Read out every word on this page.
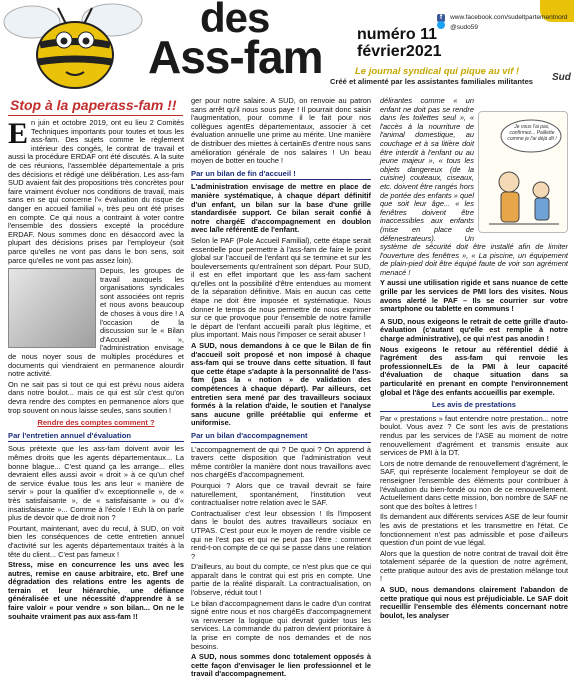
des
Ass-fam numéro 11
février2021
f www.facebook.com/sudeltpartementnord
@sudo59
Le journal syndical qui pique au vif !
Créé et alimenté par les assistantes familiales militantes Sud
Stop à la paperass-fam !!

En juin et octobre 2019, ont eu lieu 2 Comités Techniques importants pour toutes et tous les ass-fam. Des sujets comme le règlement intérieur des congés, le contrat de travail et aussi la procédure ERDAF ont été discutés. A la suite de ces réunions, l'assemblée départementale a pris des décisions et rédigé une délibération. Les ass-fam SUD avaient fait des propositions très concrètes pour faire vraiment évoluer nos conditions de travail, mais sans en se qui concerne l'« évaluation du risque de danger en accueil familial », très peu ont été prises en compte. Ce qui nous a contraint à voter contre l'ensemble des dossiers excepté la procédure ERDAF. Nous sommes donc en désaccord avec la plupart des décisions prises par l'employeur (soit parce qu'elles ne vont pas dans le bon sens, soit parce qu'elles ne vont pas assez loin).

Depuis, les groupes de travail auxquels les organisations syndicales sont associées ont repris et nous avons beaucoup de choses à vous dire ! A l'occasion de la discussion sur le « Bilan d'Accueil », l'administration envisage de nous noyer sous de multiples procédures et documents qui viendraient en permanence alourdir notre activité.

On ne sait pas si tout ce qui est prévu nous aidera dans notre boulot... mais ce qui est sûr c'est qu'on devra rendre des comptes en permanence alors que trop souvent on nous laisse seules, sans soutien !

Rendre des comptes comment ?

Par l'entretien annuel d'évaluation

Sous prétexte que les ass-fam doivent avoir les mêmes droits que les agents départementaux... La bonne blague... C'est quand ça les arrange... elles devraient elles aussi avoir « droit » à ce qu'un chef de service évalue tous les ans leur « manière de servir » pour la qualifier d'« exceptionnelle », de « très satisfaisante », de « satisfaisante » ou d'« insatisfaisante »... Comme à l'école ! Euh là on parle plus de devoir que de droit non ?

Pourtant, maintenant, avec du recul, à SUD, on voit bien les conséquences de cette entretien annuel d'activité sur les agents départementaux traités à la tête du client... C'est pas fameux !

Stress, mise en concurrence les uns avec les autres, remise en cause arbitraire, etc. Bref une dégradation des relations entre les agents de terrain et leur hiérarchie, une défiance généralisée et une nécessité d'apprendre à se faire valoir « pour vendre » son bilan... On ne le souhaite vraiment pas aux ass-fam !!

ger pour notre salaire. A SUD, on renvoie au patron sans arrêt qu'il nous sous paye ! Il pourrait donc saisir l'augmentation, pour comme il le fait pour nos collègues agentEs départementaux, associer à cet évaluation annuelle une prime au mérite. Une manière de distribuer des miettes à certainEs d'entre nous sans amélioration générale de nos salaires ! Un beau moyen de botter en touche !

Par un bilan de fin d'accueil !

L'administration envisage de mettre en place de manière systématique, à chaque départ définitif d'un enfant, un bilan sur la base d'une grille standardisée support. Ce bilan serait confié à notre chargéE d'accompagnement en doublon avec la/le référentE de l'enfant.

Selon le PAF (Pole Accueil Familial), cette étape serait essentielle pour permettre à l'ass-fam de faire le point global sur l'accueil de l'enfant qui se termine et sur les bouleversements qu'entraînent son départ. Pour SUD, il est en effet important que les ass-fam sachent qu'elles ont la possibilité d'être entendues au moment de la séparation définitive. Mais en aucun cas cette étape ne doit être imposée et systématique. Nous donner le temps de nous permettre de nous exprimer sur ce que provoque pour l'ensemble de notre famille le départ de l'enfant accueilli paraît plus légitime, et plus important. Mais nous l'imposer ce serait abuser !

A SUD, nous demandons à ce que le Bilan de fin d'accueil soit proposé et non imposé à chaque ass-fam qui se trouve dans cette situation. Il faut que cette étape s'adapte à la personnalité de l'ass-fam (pas la « notion » de validation des compétences à chaque départ). Par ailleurs, cet entretien sera mené par des travailleurs sociaux formés à la relation d'aide, le soutien et l'analyse sans aucune grille préétablie qui enferme et uniformise.

Par un bilan d'accompagnement

L'accompagnement de qui ? De quoi ? On apprend à travers cette disposition que l'administration veut même contrôler la manière dont nous travaillons avec nos chargéEs d'accompagnement.

Pourquoi ? Alors que ce travail devrait se faire naturellement, spontanément, l'institution veut contractualiser notre relation avec le SAF.

Contractualiser c'est leur obsession ! Ils l'imposent dans le boulot des autres travailleurs sociaux en UTPAS. C'est pour eux le moyen de rendre visible ce qui ne l'est pas et qui ne peut pas l'être : comment rend-t-on compte de ce qui se passe dans une relation ?

D'ailleurs, au bout du compte, ce n'est plus que ce qui apparaît dans le contrat qui est pris en compte. Une partie de la réalité disparaît. La contractualisation, on l'observe, réduit tout !

Le bilan d'accompagnement dans le cadre d'un contrat signé entre nous et nos chargéEs d'accompagnement va renverser la logique qui devrait guider tous les services. La commande du patron devient prioritaire à la prise en compte de nos demandes et de nos besoins.

A SUD, nous sommes donc totalement opposés à cette façon d'envisager le lien professionnel et le travail d'accompagnement.

Je vous l'ai pas, confirmez... Paillette comme je l'ai déjà dit !

délirantes comme « un enfant ne doit pas se rendre dans les toilettes seul », « l'accès à la nourriture de l'animal domestique, au couchage et à sa litière doit être interdit à l'enfant ou au jeune majeur », « tous les objets dangereux (de la cuisine) couteaux, ciseaux, etc. doivent être rangés hors de portée des enfants » quel que soit leur âge... « les fenêtres doivent être inaccessibles aux enfants (mise en place de défenestrateurs). Un système de sécurité doit être installé afin de limiter l'ouverture des fenêtres », « La piscine, un équipement de plain-pied doit être équipé faute de voir son agrément menacé !

Y aussi une utilisation rigide et sans nuance de cette grille par les services de PMI lors des visites. Nous avons alerté le PAF – Ils se courrier sur votre smartphone ou tablette en communs !

A SUD, nous exigeons le retrait de cette grille d'auto-évaluation (c'autant qu'elle est remplie à notre charge administrative), ce qui n'est pas anodin !

Nous exigeons le retour au référentiel dédié à l'agrément des ass-fam qui renvoie les professionnelLEs de la PMI à leur capacité d'évaluation de chaque situation dans sa particularité en prenant en compte l'environnement global et l'âge des enfants accueillis par exemple.

Les avis de prestations

Par « prestations » faut entendre notre prestation... notre boulot. Vous avez ? Ce sont les avis de prestations rendus par les services de l'ASE au moment de notre renouvellement d'agrément et transmis ensuite aux services de PMI à la DT.

Lors de notre demande de renouvellement d'agrément, le SAF, qui représente localement l'employeur se doit de renseigner l'ensemble des éléments pour contribuer à l'évaluation du bien-fondé ou non de ce renouvellement. Actuellement dans cette mission, bon nombre de SAF ne sont que des boîtes à lettres !

Ils demandent aux différents services ASE de leur fournir les avis de prestations et les transmettre en l'état. Ce fonctionnement n'est pas admissible et pose d'ailleurs question d'un point de vue légal.

Alors que la question de notre contrat de travail doit être totalement séparée de la question de notre agrément, cette pratique autour des avis de prestation mélange tout !

A SUD, nous demandons clairement l'abandon de cette pratique qui nous est préjudiciable. Le SAF doit recueillir l'ensemble des éléments concernant notre boulot, les analyser
